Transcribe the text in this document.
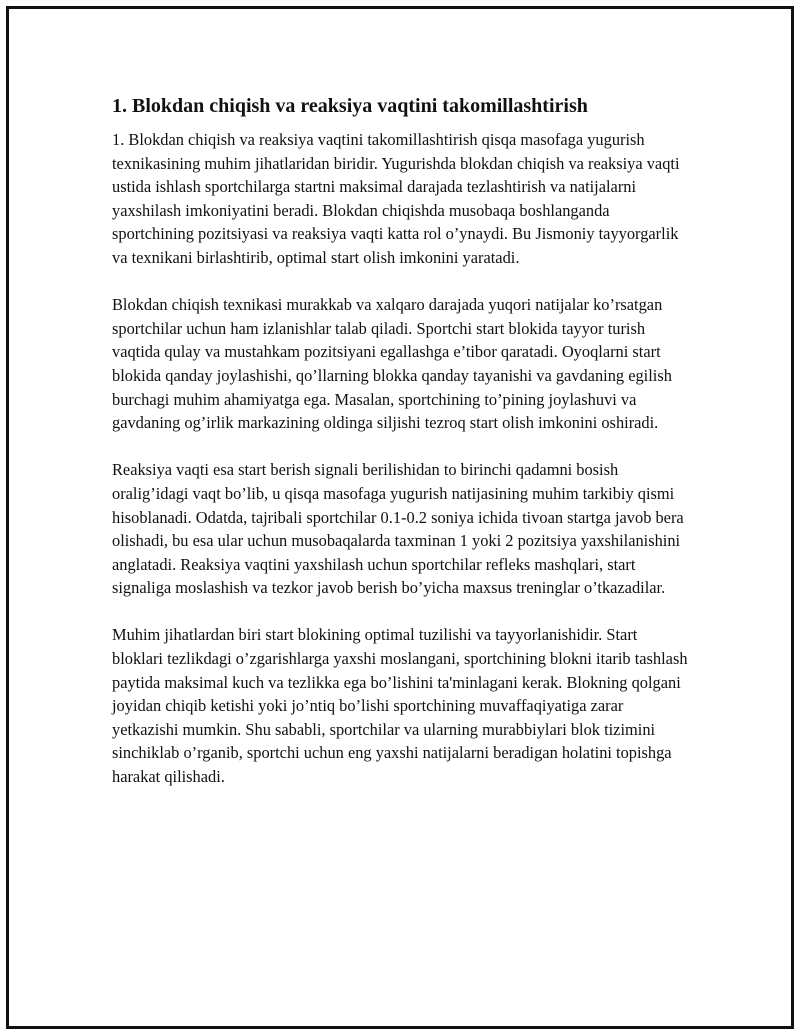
1. Blokdan chiqish va reaksiya vaqtini takomillashtirish

1. Blokdan chiqish va reaksiya vaqtini takomillashtirish qisqa masofaga yugurish texnikasining muhim jihatlaridan biridir. Yugurishda blokdan chiqish va reaksiya vaqti ustida ishlash sportchilarga startni maksimal darajada tezlashtirish va natijalarni yaxshilash imkoniyatini beradi. Blokdan chiqishda musobaqa boshlanganda sportchining pozitsiyasi va reaksiya vaqti katta rol o’ynaydi. Bu Jismoniy tayyorgarlik va texnikani birlashtirib, optimal start olish imkonini yaratadi.

Blokdan chiqish texnikasi murakkab va xalqaro darajada yuqori natijalar ko’rsatgan sportchilar uchun ham izlanishlar talab qiladi. Sportchi start blokida tayyor turish vaqtida qulay va mustahkam pozitsiyani egallashga e’tibor qaratadi. Oyoqlarni start blokida qanday joylashishi, qo’llarning blokka qanday tayanishi va gavdaning egilish burchagi muhim ahamiyatga ega. Masalan, sportchining to’pining joylashuvi va gavdaning og’irlik markazining oldinga siljishi tezroq start olish imkonini oshiradi.

Reaksiya vaqti esa start berish signali berilishidan to birinchi qadamni bosish oralig’idagi vaqt bo’lib, u qisqa masofaga yugurish natijasining muhim tarkibiy qismi hisoblanadi. Odatda, tajribali sportchilar 0.1-0.2 soniya ichida tivoan startga javob bera olishadi, bu esa ular uchun musobaqalarda taxminan 1 yoki 2 pozitsiya yaxshilanishini anglatadi. Reaksiya vaqtini yaxshilash uchun sportchilar refleks mashqlari, start signaliga moslashish va tezkor javob berish bo’yicha maxsus treninglar o’tkazadilar.

Muhim jihatlardan biri start blokining optimal tuzilishi va tayyorlanishidir. Start bloklari tezlikdagi o’zgarishlarga yaxshi moslangani, sportchining blokni itarib tashlash paytida maksimal kuch va tezlikka ega bo’lishini ta'minlagani kerak. Blokning qolgani joyidan chiqib ketishi yoki jo’ntiq bo’lishi sportchining muvaffaqiyatiga zarar yetkazishi mumkin. Shu sababli, sportchilar va ularning murabbiylari blok tizimini sinchiklab o’rganib, sportchi uchun eng yaxshi natijalarni beradigan holatini topishga harakat qilishadi.
